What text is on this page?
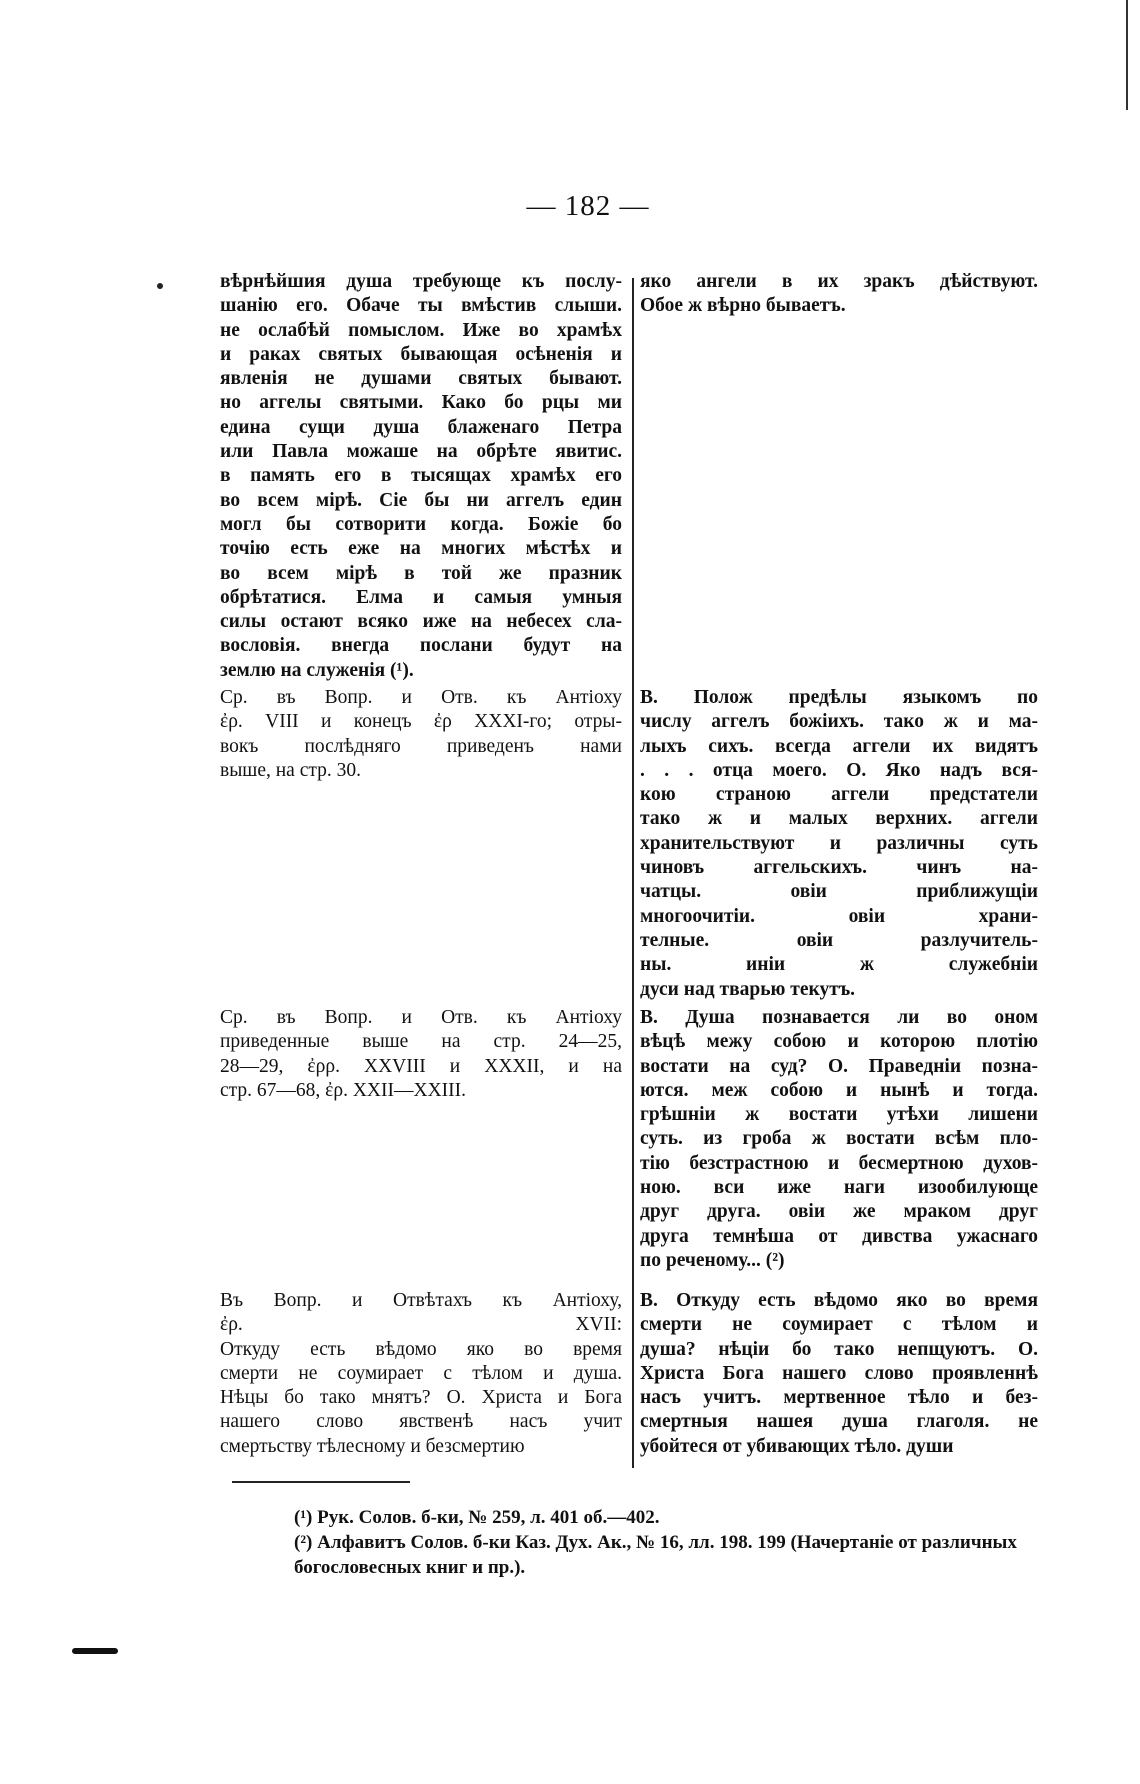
— 182 —
вѣрнѣйшия душа требующе къ послу-
шанію его. Обаче ты вмѣстив слыши.
не ослабѣй помыслом. Иже во храмѣх
и раках святых бывающая осѣненія и
явленія не душами святых бывают.
но аггелы святыми. Како бо рцы ми
едина сущи душа блаженаго Петра
или Павла можаше на обрѣте явитис.
в память его в тысящах храмѣх его
во всем мірѣ. Сіе бы ни аггелъ един
могл бы сотворити когда. Божіе бо
точію есть еже на многих мѣстѣх и
во всем мірѣ в той же празник
обрѣтатися. Елма и самыя умныя
силы остают всяко иже на небесех сла-
вословія. внегда послани будут на
землю на служенія (¹).
Ср. въ Вопр. и Отв. къ Антіоху
ἐρ. VIII и конецъ ἐρ XXXI-го; отры-
вокъ послѣдняго приведенъ нами
выше, на стр. 30.
Ср. въ Вопр. и Отв. къ Антіоху
приведенные выше на стр. 24—25,
28—29, ἐρρ. XXVIII и XXXII, и на
стр. 67—68, ἐρ. XXII—XXIII.
Въ Вопр. и Отвѣтахъ къ Антіоху,
ἐρ. XVII:
Откуду есть вѣдомо яко во время
смерти не соумирает с тѣлом и душа.
Нѣцы бо тако мнятъ? О. Христа и Бога
нашего слово явственѣ насъ учит
смертьству тѣлесному и безсмертию
яко ангели в их зракъ дѣйствуют.
Обое ж вѣрно бываетъ.
В. Полож предѣлы языкомъ по
числу аггелъ божіихъ. тако ж и ма-
лыхъ сихъ. всегда аггели их видятъ
. . . отца моего. О. Яко надъ вся-
кою страною аггели предстатели
тако ж и малых верхних. аггели
хранительствуют и различны суть
чиновъ аггельскихъ. чинъ на-
чатцы. овіи приближущіи
многоочитіи. овіи храни-
телные. овіи разлучитель-
ны. иніи ж служебніи
дуси над тварью текутъ.
В. Душа познавается ли во оном
вѣцѣ межу собою и которою плотію
востати на суд? О. Праведніи позна-
ются. меж собою и нынѣ и тогда.
грѣшніи ж востати утѣхи лишени
суть. из гроба ж востати всѣм пло-
тію безстрастною и бесмертною духов-
ною. вси иже наги изообилующе
друг друга. овіи же мраком друг
друга темнѣша от дивства ужаснаго
по реченому... (²)
В. Откуду есть вѣдомо яко во время
смерти не соумирает с тѣлом и
душа? нѣціи бо тако непщуютъ. О.
Христа Бога нашего слово проявленнѣ
насъ учитъ. мертвенное тѣло и без-
смертныя нашея душа глаголя. не
убойтеся от убивающих тѣло. души
(¹) Рук. Солов. б-ки, № 259, л. 401 об.—402.
(²) Алфавитъ Солов. б-ки Каз. Дух. Ак., № 16, лл. 198. 199 (Начертаніе от различных богословесных книг и пр.).
